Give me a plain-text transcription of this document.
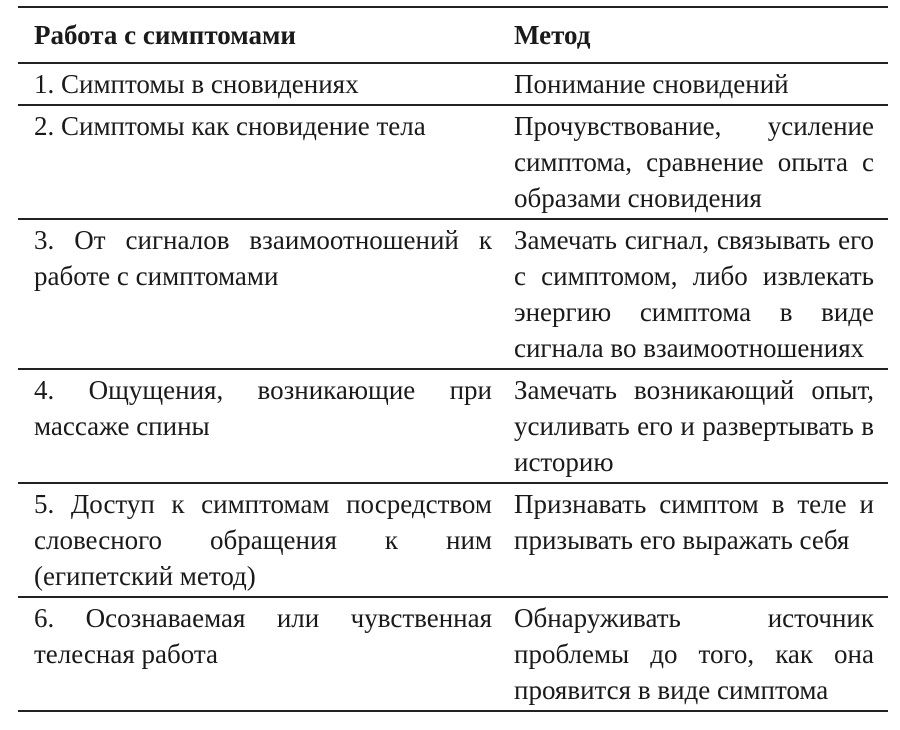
Работа с симптомами	Метод
1. Симптомы в сновидениях	Понимание сновидений
2. Симптомы как сновидение тела	Прочувствование, усиление симптома, сравнение опыта с образами сновидения
3. От сигналов взаимоотношений к работе с симптомами	Замечать сигнал, связывать его с симптомом, либо извлекать энергию симптома в виде сигнала во взаимоотношениях
4. Ощущения, возникающие при массаже спины	Замечать возникающий опыт, усиливать его и развертывать в историю
5. Доступ к симптомам посредством словесного обращения к ним (египетский метод)	Признавать симптом в теле и призывать его выражать себя
6. Осознаваемая или чувственная телесная работа	Обнаруживать источник проблемы до того, как она проявится в виде симптома
